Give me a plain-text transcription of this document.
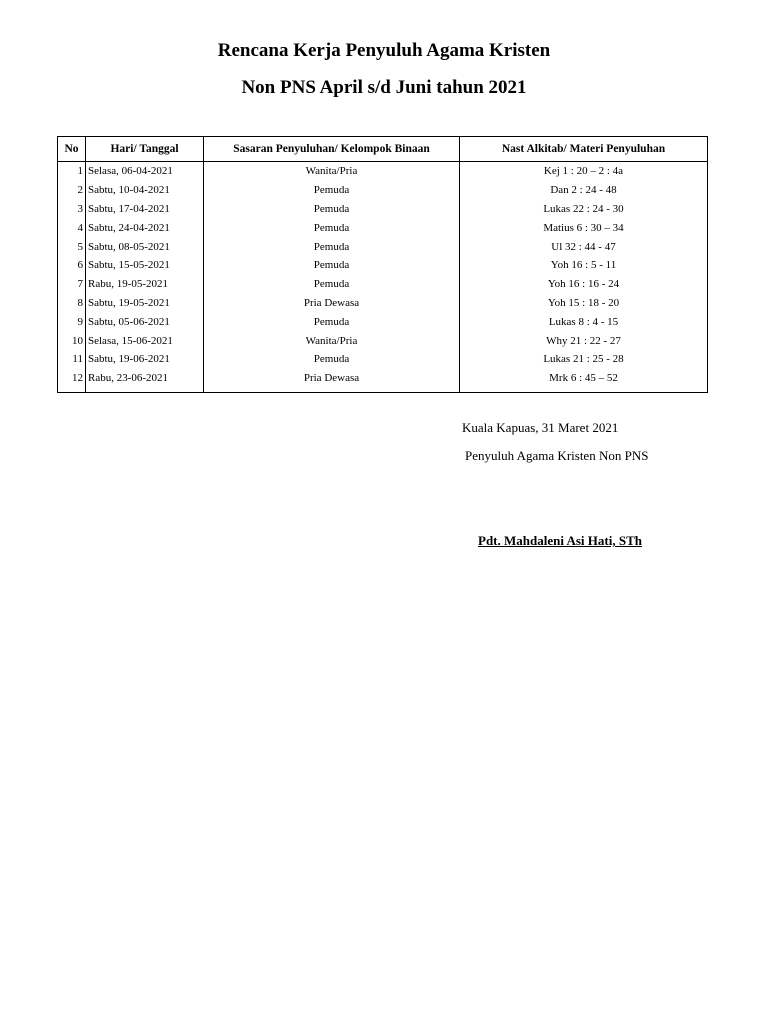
Rencana Kerja Penyuluh Agama Kristen
Non PNS April s/d Juni tahun 2021
No	Hari/ Tanggal	Sasaran Penyuluhan/ Kelompok Binaan	Nast Alkitab/ Materi Penyuluhan
1	Selasa, 06-04-2021	Wanita/Pria	Kej 1 : 20 – 2 : 4a
2	Sabtu, 10-04-2021	Pemuda	Dan 2 : 24 - 48
3	Sabtu, 17-04-2021	Pemuda	Lukas 22 : 24 - 30
4	Sabtu, 24-04-2021	Pemuda	Matius 6 : 30 – 34
5	Sabtu, 08-05-2021	Pemuda	Ul 32 : 44 - 47
6	Sabtu, 15-05-2021	Pemuda	Yoh 16 : 5 - 11
7	Rabu, 19-05-2021	Pemuda	Yoh 16 : 16 - 24
8	Sabtu, 19-05-2021	Pria Dewasa	Yoh 15 : 18 - 20
9	Sabtu, 05-06-2021	Pemuda	Lukas 8 : 4 - 15
10	Selasa, 15-06-2021	Wanita/Pria	Why 21 : 22 - 27
11	Sabtu, 19-06-2021	Pemuda	Lukas 21 : 25 - 28
12	Rabu, 23-06-2021	Pria Dewasa	Mrk 6 : 45 – 52
Kuala Kapuas, 31 Maret 2021
Penyuluh Agama Kristen Non PNS
Pdt. Mahdaleni Asi Hati, STh
